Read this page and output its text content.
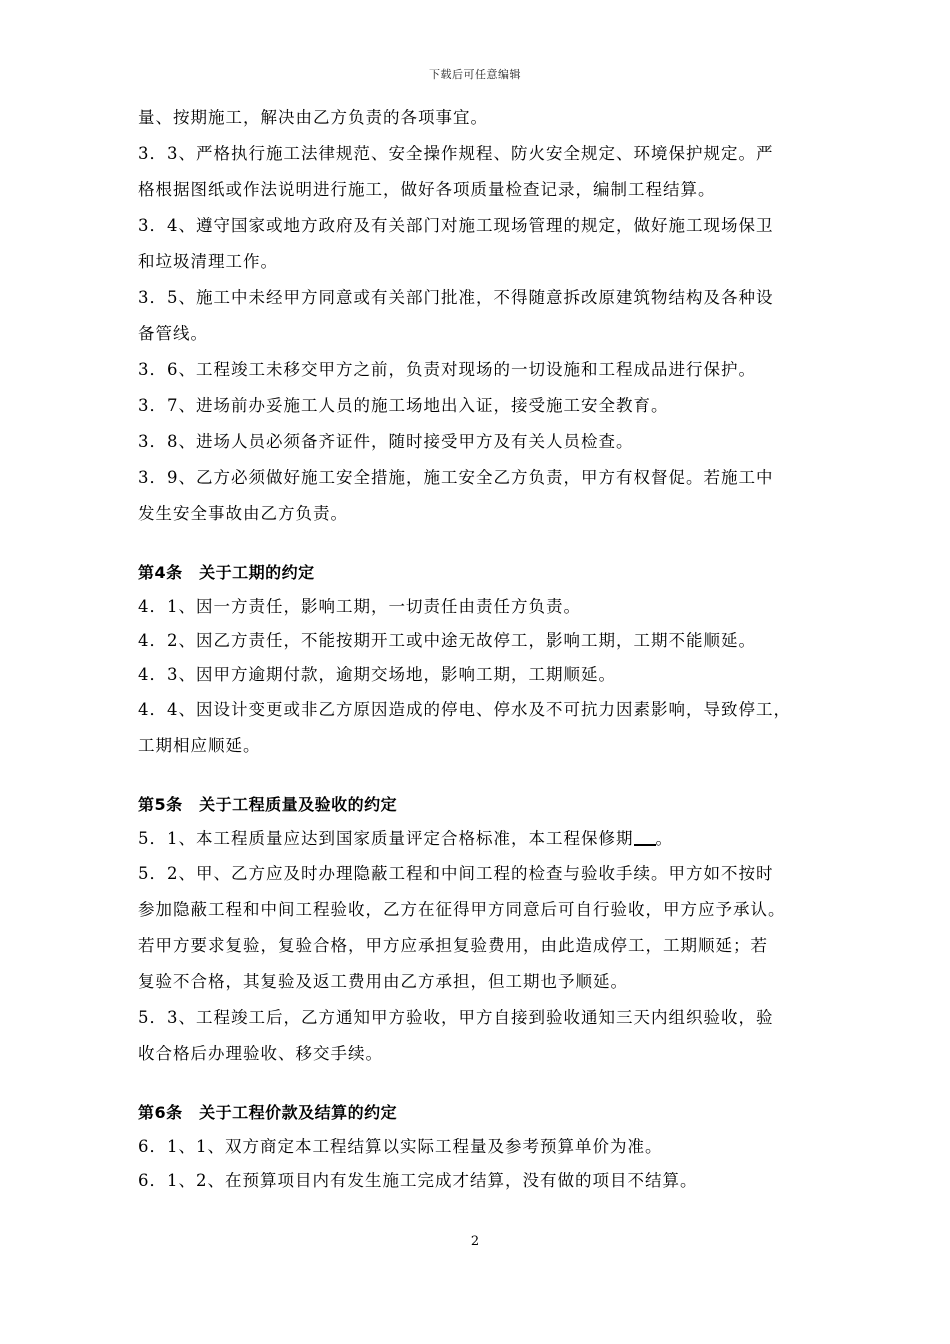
下载后可任意编辑

量、按期施工，解决由乙方负责的各项事宜。

3．3、严格执行施工法律规范、安全操作规程、防火安全规定、环境保护规定。严

格根据图纸或作法说明进行施工，做好各项质量检查记录，编制工程结算。

3．4、遵守国家或地方政府及有关部门对施工现场管理的规定，做好施工现场保卫

和垃圾清理工作。

3．5、施工中未经甲方同意或有关部门批准，不得随意拆改原建筑物结构及各种设

备管线。

3．6、工程竣工未移交甲方之前，负责对现场的一切设施和工程成品进行保护。

3．7、进场前办妥施工人员的施工场地出入证，接受施工安全教育。

3．8、进场人员必须备齐证件，随时接受甲方及有关人员检查。

3．9、乙方必须做好施工安全措施，施工安全乙方负责，甲方有权督促。若施工中

发生安全事故由乙方负责。

第4条　关于工期的约定

4．1、因一方责任，影响工期，一切责任由责任方负责。

4．2、因乙方责任，不能按期开工或中途无故停工，影响工期，工期不能顺延。

4．3、因甲方逾期付款，逾期交场地，影响工期，工期顺延。

4．4、因设计变更或非乙方原因造成的停电、停水及不可抗力因素影响，导致停工，

工期相应顺延。

第5条　关于工程质量及验收的约定

5．1、本工程质量应达到国家质量评定合格标准，本工程保修期 。

5．2、甲、乙方应及时办理隐蔽工程和中间工程的检查与验收手续。甲方如不按时

参加隐蔽工程和中间工程验收，乙方在征得甲方同意后可自行验收，甲方应予承认。

若甲方要求复验，复验合格，甲方应承担复验费用，由此造成停工，工期顺延；若

复验不合格，其复验及返工费用由乙方承担，但工期也予顺延。

5．3、工程竣工后，乙方通知甲方验收，甲方自接到验收通知三天内组织验收，验

收合格后办理验收、移交手续。

第6条　关于工程价款及结算的约定

6．1、1、双方商定本工程结算以实际工程量及参考预算单价为准。

6．1、2、在预算项目内有发生施工完成才结算，没有做的项目不结算。

2
